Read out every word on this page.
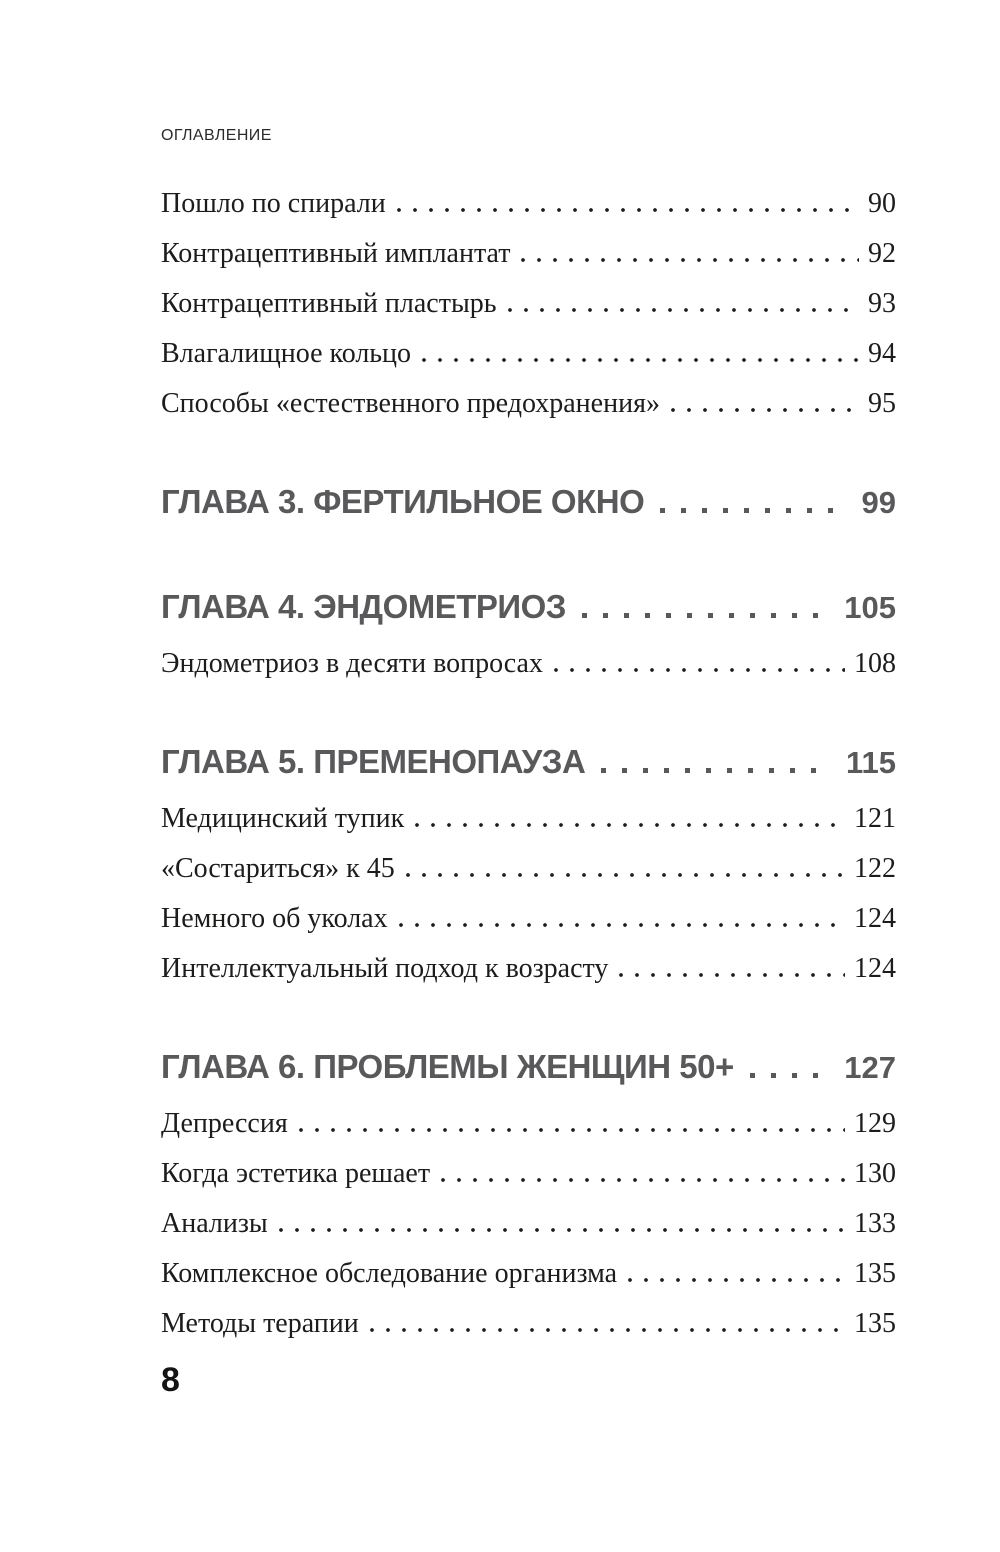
ОГЛАВЛЕНИЕ
Пошло по спирали	90
Контрацептивный имплантат	92
Контрацептивный пластырь	93
Влагалищное кольцо	94
Способы «естественного предохранения»	95
ГЛАВА 3. ФЕРТИЛЬНОЕ ОКНО	99
ГЛАВА 4. ЭНДОМЕТРИОЗ	105
Эндометриоз в десяти вопросах	108
ГЛАВА 5. ПРЕМЕНОПАУЗА	115
Медицинский тупик	121
«Состариться» к 45	122
Немного об уколах	124
Интеллектуальный подход к возрасту	124
ГЛАВА 6. ПРОБЛЕМЫ ЖЕНЩИН 50+	127
Депрессия	129
Когда эстетика решает	130
Анализы	133
Комплексное обследование организма	135
Методы терапии	135
8
